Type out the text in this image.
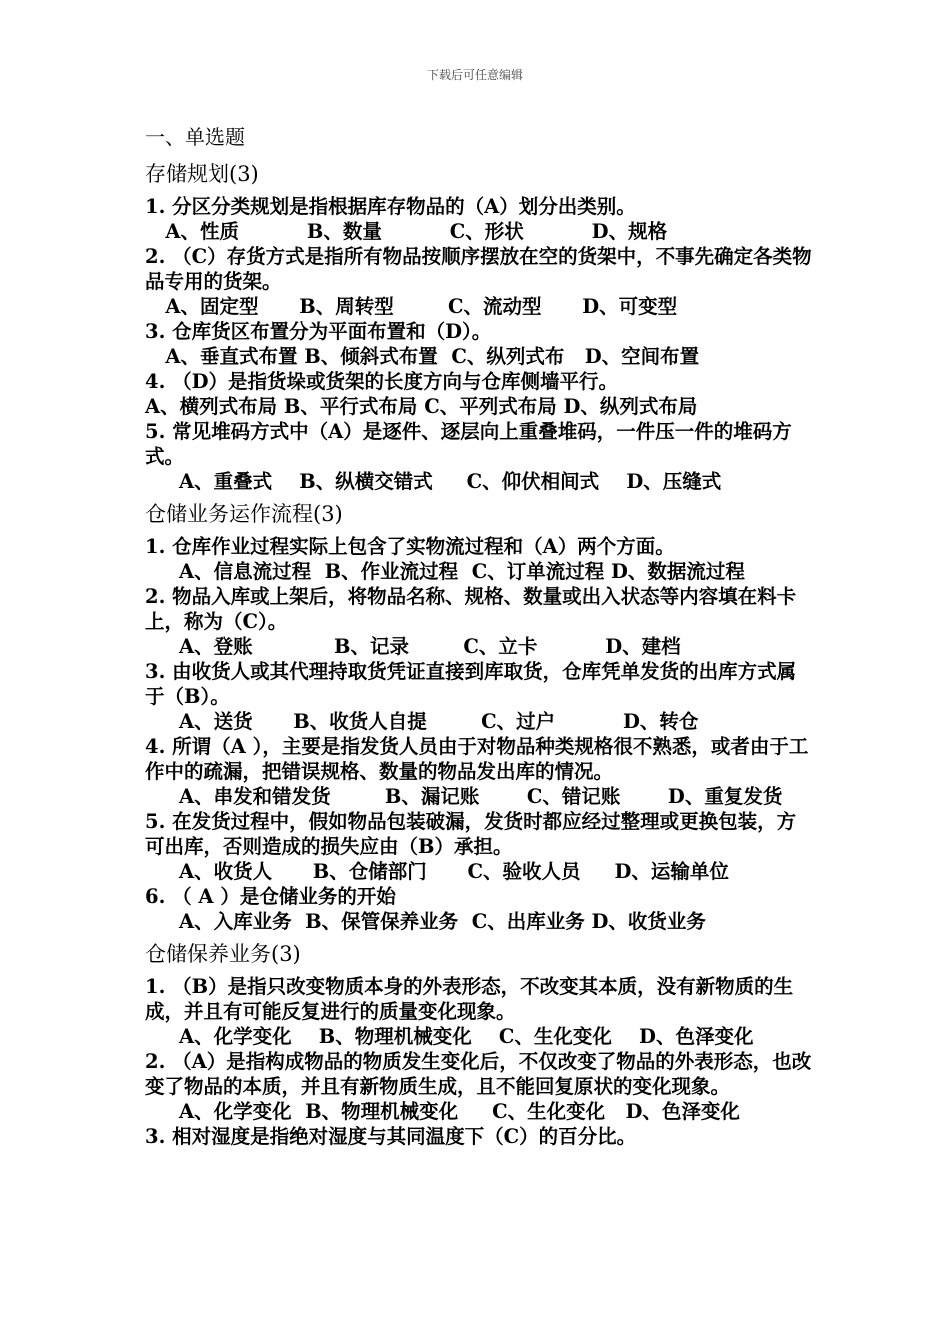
下载后可任意编辑
一、单选题
存储规划(3)

1. 分区分类规划是指根据库存物品的（A）划分出类别。

A、性质          B、数量          C、形状          D、规格

2. （C）存货方式是指所有物品按顺序摆放在空的货架中，不事先确定各类物品专用的货架。

A、固定型      B、周转型        C、流动型      D、可变型

3. 仓库货区布置分为平面布置和（D）。

A、垂直式布置 B、倾斜式布置  C、纵列式布   D、空间布置

4. （D）是指货垛或货架的长度方向与仓库侧墙平行。

A、横列式布局 B、平行式布局 C、平列式布局 D、纵列式布局

5. 常见堆码方式中（A）是逐件、逐层向上重叠堆码，一件压一件的堆码方式。

A、重叠式    B、纵横交错式     C、仰伏相间式    D、压缝式

仓储业务运作流程(3)

1. 仓库作业过程实际上包含了实物流过程和（A）两个方面。

A、信息流过程  B、作业流过程  C、订单流过程 D、数据流过程

2. 物品入库或上架后，将物品名称、规格、数量或出入状态等内容填在料卡上，称为（C）。

A、登账            B、记录        C、立卡          D、建档

3. 由收货人或其代理持取货凭证直接到库取货，仓库凭单发货的出库方式属于（B）。

A、送货      B、收货人自提        C、过户          D、转仓

4. 所谓（A ），主要是指发货人员由于对物品种类规格很不熟悉，或者由于工作中的疏漏，把错误规格、数量的物品发出库的情况。

A、串发和错发货        B、漏记账       C、错记账       D、重复发货

5. 在发货过程中，假如物品包装破漏，发货时都应经过整理或更换包装，方可出库，否则造成的损失应由（B）承担。

A、收货人      B、仓储部门      C、验收人员     D、运输单位

6. （ A ）是仓储业务的开始

A、入库业务  B、保管保养业务  C、出库业务 D、收货业务

仓储保养业务(3)

1. （B）是指只改变物质本身的外表形态，不改变其本质，没有新物质的生成，并且有可能反复进行的质量变化现象。

A、化学变化    B、物理机械变化    C、生化变化    D、色泽变化

2. （A）是指构成物品的物质发生变化后，不仅改变了物品的外表形态，也改变了物品的本质，并且有新物质生成，且不能回复原状的变化现象。

A、化学变化  B、物理机械变化     C、生化变化   D、色泽变化

3. 相对湿度是指绝对湿度与其同温度下（C）的百分比。
